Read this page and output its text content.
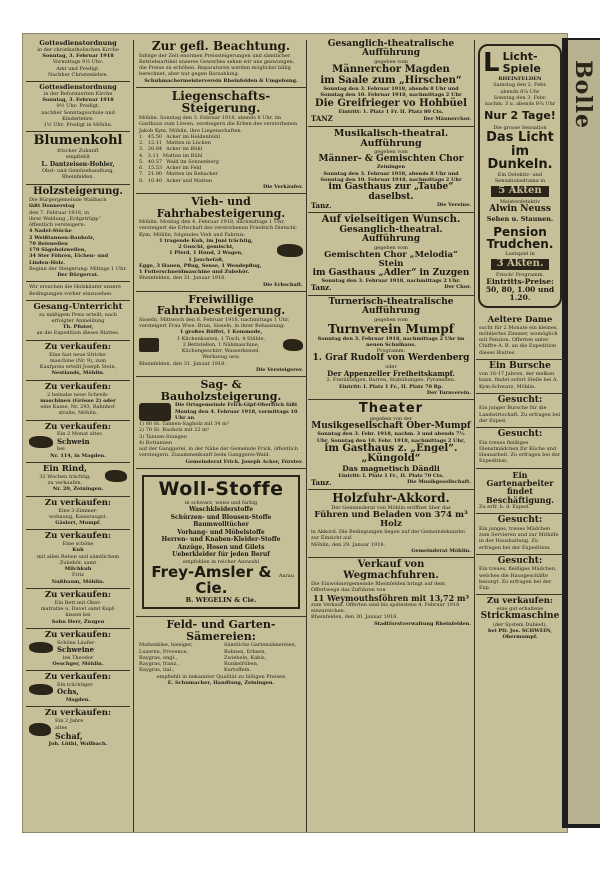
Bolle
Gottesdienstordnung
in der christkatholischen Kirche
Sonntag, 3. Februar 1918
Vormittags 9½ Uhr:
Amt und Predigt.
Nachher Christenlehre.
Gottesdienstordnung
in der Reformierten Kirche
Sonntag, 3. Februar 1918
9½ Uhr: Predigt.
nachher Sonntagsschule und
Kinderlehre.
1½ Uhr: Predigt in Möhlin.
Blumenkohl
frischer Zukunft
empfiehlt
L. Dantzeisen-Hohler,
Obst- und Gemüsehandlung,
Rheinfelden.
Holzsteigerung.
Die Bürgergemeinde Wallbach
läßt Donnerstag
den 7. Februar 1918, in
ihrer Waldung „Erdgstrüpp“
öffentlich versteigern:
4 Nadel-Stöcke
2 Weißtannen-Bauholz,
70 Reiswellen
170 Sägeholzwellen,
34 Ster Föhren, Eichen- und
Linden-Holz.
Beginn der Steigerung: Mittags 1 Uhr.
Der Bürgerrat.
Wir ersuchen die Holzkäufer unsere Bedingungen vorher einzusehen.
Gesang-Unterricht
zu mäßigem Preis erteilt, nach
erfolgter Anmeldung
Th. Pfister,
an die Expedition dieses Blattes.
Zu verkaufen:
Eine fast neue Stricke-
maschine (Nr. 9), zum
Kaufpreis erteilt Joseph Stein,
Nestlands, Möhlin.
Zu verkaufen:
2 beinahe neue Schreib-
maschinen (Grösse 2) oder
eine Kasse, Nr. 293, Bahnhof-
straße, Möhlin.
Zu verkaufen:
Ein 2 Monat altes
Schwein
bei
Nr. 114, in Magden.
Ein Rind,
32 Wochen trächtig,
zu verkaufen.
Nr. 20, Zeiningen.
Zu verkaufen:
Eine 3-Zimmer-
wohnung, Kaiseraugst.
Gäslert, Mumpf.
Zu verkaufen:
Eine schöne
Kuh
mit allen Reben und sämtlichem
Zubehör, samt
Milchkuh
Fritz
Nußbaum, Möhlin.
Zu verkaufen:
Ein Bett mit Ober-
matratze u. Duvet samt Kopf-
kissen bei
Sohn Herr, Zuzgen
Zu verkaufen:
Schöne Läufer-
Schweine
bei Theodor
Oeschger, Möhlin.
Zu verkaufen:
Ein trächtiger
Ochs,
Magden.
Zu verkaufen:
Ein 2 Jahre
altes
Schaf,
Joh. Lüthi, Wallbach.
Zur gefl. Beachtung.
Infolge der Zeit enormen Preissteigerungen und sämtlicher Betriebsartikel unseres Gewerbes sehen wir uns gezwungen, die Preise zu erhöhen. Reparaturen werden möglichst billig berechnet, aber nur gegen Barzahlung.
Schuhmachermeisterverein Rheinfelden & Umgebung.
Liegenschafts-Steigerung.
Möhlin. Sonntag den 3. Februar 1918, abends 8 Uhr, im Gasthaus zum Löwen, versteigern die Erben des verstorbenen Jakob Kym, Möhlin, ihre Liegenschaften.
1. 45.50 Acker im Heldenbühl
2. 12.11 Matten in Lücken
3. 20.84 Acker im Bühl
4. 3.11 Matten im Bühl
5. 40.57 Wald im Sonnenberg
6. 15.53 Acker im Feld
7. 21.90 Matten im Rebacker
8. 10.40 Acker und Matten
Die Verkäufer.
Vieh- und Fahrhabesteigerung.
Möhlin. Montag den 4. Februar 1918, nachmittags 1 Uhr, versteigert die Erbschaft des verstorbenen Friedrich Dietschi-Kym, Möhlin, folgendes Vieh und Fahrnis:
1 tragende Kuh, im Juni trächtig,
2 Guscht, gemischt,
1 Pferd, 1 Hund, 2 Wagen,
1 Jauchefaß,
Egge, 3 Hauen, Pflug, Sense, 1 Wendepflug,
1 Futterschneidmaschine und Zubehör.
Rheinfelden, den 31. Januar 1918.
Die Erbschaft.
Freiwillige Fahrhabesteigerung.
Sisseln. Mittwoch den 6. Februar 1918, nachmittags 1 Uhr, versteigert Frau Wwe. Brun, Sisseln, in ihrer Behausung:
1 großes Büffet, 1 Kommode,
1 Küchenkasten, 1 Tisch, 4 Stühle,
2 Bettstellen, 1 Nähmaschine,
Küchengeschirr, Wasserkessel,
Werkzeug usw.
Rheinfelden, den 31. Januar 1918.
Die Versteigerer.
Sag- & Bauholzsteigerung.
Die Ortsgemeinde Frick-Gipf-Oberfrick läßt Montag den 4. Februar 1918, vormittags 10 Uhr an
1) 80 St. Tannen-Sagholz mit 34 m³
2) 70 St. Bauholz mit 22 m³
3) Tannen-Stangen
4) Rottannen
auf der Ganggerei, in der Nähe der Gemeinde Frick, öffentlich versteigern. Zusammenkunft beim Ganggerei-Wald.
Gemeinderat Frick. Joseph Acker, Förster.
Woll-Stoffe
in schwarz, weiss und farbig
Waschkleiderstoffe
Schürzen- und Blousen-Stoffe
Baumwolltücher
Vorhang- und Möbelstoffe
Herren- und Knaben-Kleider-Stoffe
Anzüge, Hosen und Gilets
Ueberkleider für jeden Beruf
empfohlen in reicher Auswahl
Frey-Amsler & Cie.
Aarau
B. WEGELIN & Cie.
Feld- und Garten-Sämereien:
Mattenklee, hiesiger,
Luzerne, Provence,
Raygras, engl.,
Raygras, franz.,
Raygras, ital.,
Sämtliche Gartensämereien,
Bohnen, Erbsen,
Zwiebeln, Kabis,
Runkelrüben,
Kartoffeln.
empfiehlt in bekannter Qualität zu billigen Preisen
E. Schumacher, Handlung, Zeiningen.
Gesanglich-theatralische Aufführung
gegeben vom
Männerchor Magden
im Saale zum „Hirschen“
Sonntag den 3. Februar 1918, abends 8 Uhr und Sonntag den 10. Februar 1918, nachmittags 2 Uhr
Die Greifrieger vo Hohbüel
Eintritt: 1. Platz 1 Fr. II. Platz 80 Cts.
TANZ	Der Männerchor.
Musikalisch-theatral. Aufführung
gegeben vom
Männer- & Gemischten Chor
Zeiningen
Sonntag den 3. Februar 1918, abends 8 Uhr und Sonntag den 10. Februar 1918, nachmittags 2 Uhr
im Gasthaus zur „Taube“ daselbst.
Tanz.	Die Vereine.
Auf vielseitigen Wunsch.
Gesanglich-theatral. Aufführung
gegeben vom
Gemischten Chor „Melodia“ Stein
im Gasthaus „Adler“ in Zuzgen
Sonntag den 3. Februar 1918, nachmittags 2 Uhr.
Tanz.	Der Chor.
Turnerisch-theatralische Aufführung
gegeben vom
Turnverein Mumpf
Sonntag den 3. Februar 1918, nachmittags 2 Uhr im neuen Schulhaus.
Programm:
1. Graf Rudolf von Werdenberg
oder
Der Appenzeller Freiheitskampf.
2. Freiübungen, Barren, Stabübungen, Pyramiden.
Eintritt: I. Platz 1 Fr., II. Platz 70 Rp.
Der Turnverein.
Theater
gegeben von der
Musikgesellschaft Ober-Mumpf
Sonntag den 3. Febr. 1918, nachm. 3 und abends 7½ Uhr, Sonntag den 10. Febr. 1918, nachmittags 2 Uhr,
im Gasthaus z. „Engel“.
„Küngold“
Das magnetisch Dändli
Eintritt: I. Platz 1 Fr., II. Platz 70 Cts.
Tanz.	Die Musikgesellschaft.
Holzfuhr-Akkord.
Der Gemeinderat von Möhlin eröffnet über das
Führen und Beladen von 374 m³ Holz
in Akkord. Die Bedingungen liegen auf der Gemeindekanzlei zur Einsicht auf.
Möhlin, den 29. Januar 1918.
Gemeinderat Möhlin.
Verkauf von Wegmachfuhren.
Die Einwohnergemeinde Rheinfelden bringt auf dem Offertwege das Zuführen von
11 Weymouthsföhren mit 13,72 m³
zum Verkauf. Offerten sind bis spätestens 4. Februar 1918 einzureichen.
Rheinfelden, den 30. Januar 1918.
Stadtforstverwaltung Rheinfelden.
L Licht-
Spiele
RHEINFELDEN
Samstag den 2. Febr.
abends 8¼ Uhr
Sonntag den 3. Febr.
nachm. 3 u. abends 8¼ Uhr
Nur 2 Tage!
Die grosse Sensation
Das Licht
im Dunkeln.
Ein Detektiv- und Sensationsdrama in
5 Akten
Meisterdetektiv
Alwin Neuss
Sehen u. Staunen.
Pension
Trudchen.
Lustspiel in
3 Akten.
Frisch! Programm.
Eintritts-Preise:
50, 80, 1.00 und 1.20.
Aeltere Dame
sucht für 2 Monate ein kleines, möbliertes Zimmer, womöglich mit Pension. Offerten unter Chiffre A. B. an die Expedition dieses Blattes.
Ein Bursche
von 16-17 Jahren, der melken kann, findet sofort Stelle bei A. Kym-Schwarz, Möhlin.
Gesucht:
Ein junger Bursche für die Landwirtschaft. Zu erfragen bei der Exped.
Gesucht:
Ein treues fleißiges Dienstmädchen für Küche und Hausarbeit. Zu erfragen bei der Expedition.
Ein Gartenarbeiter findet Beschäftigung.
Zu erfr. b. d. Exped.
Gesucht:
Ein junges, treues Mädchen zum Servieren und zur Mithilfe in der Haushaltung. Zu erfragen bei der Expedition.
Gesucht:
Ein treues, fleißiges Mädchen, welches die Hausgeschäfte besorgt. Zu erfragen bei der Exp.
Zu verkaufen:
eine gut erhaltene
Strickmaschine
(der System Dubied),
bei Pfr. Jos. SCHWEIN, Obermumpf.
